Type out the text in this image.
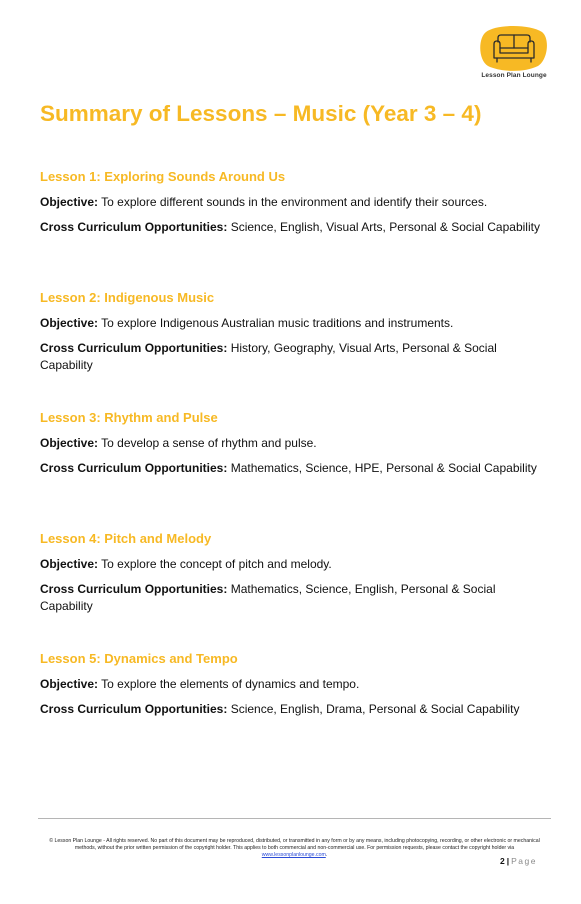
Lesson Plan Lounge
Summary of Lessons – Music (Year 3 – 4)
Lesson 1: Exploring Sounds Around Us

Objective: To explore different sounds in the environment and identify their sources.

Cross Curriculum Opportunities: Science, English, Visual Arts, Personal & Social Capability

Lesson 2: Indigenous Music

Objective: To explore Indigenous Australian music traditions and instruments.

Cross Curriculum Opportunities: History, Geography, Visual Arts, Personal & Social Capability

Lesson 3: Rhythm and Pulse

Objective: To develop a sense of rhythm and pulse.

Cross Curriculum Opportunities: Mathematics, Science, HPE, Personal & Social Capability

Lesson 4: Pitch and Melody

Objective: To explore the concept of pitch and melody.

Cross Curriculum Opportunities: Mathematics, Science, English, Personal & Social Capability

Lesson 5: Dynamics and Tempo

Objective: To explore the elements of dynamics and tempo.

Cross Curriculum Opportunities: Science, English, Drama, Personal & Social Capability

© Lesson Plan Lounge - All rights reserved. No part of this document may be reproduced, distributed, or transmitted in any form or by any means, including photocopying, recording, or other electronic or mechanical methods, without the prior written permission of the copyright holder. This applies to both commercial and non-commercial use. For permission requests, please contact the copyright holder via www.lessonplanlounge.com.
2 | Page
